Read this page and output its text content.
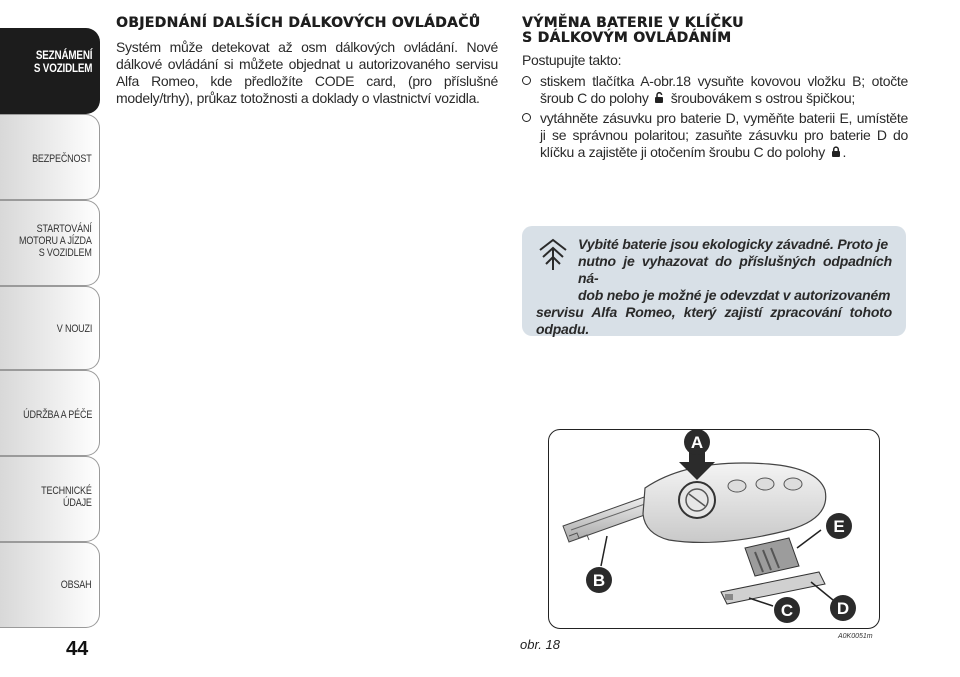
SEZNÁMENÍ
S VOZIDLEM
BEZPEČNOST
STARTOVÁNÍ
MOTORU A JÍZDA
S VOZIDLEM
V NOUZI
ÚDRŽBA A PÉČE
TECHNICKÉ
ÚDAJE
OBSAH
44
OBJEDNÁNÍ DALŠÍCH DÁLKOVÝCH OVLÁDAČŮ

Systém může detekovat až osm dálkových ovládání. Nové dálkové ovládání si můžete objednat u autorizovaného servisu Alfa Romeo, kde předložíte CODE card, (pro příslušné modely/trhy), průkaz totožnosti a doklady o vlastnictví vozidla.

VÝMĚNA BATERIE V KLÍČKU
S DÁLKOVÝM OVLÁDÁNÍM

Postupujte takto:

stiskem tlačítka A-obr.18 vysuňte kovovou vložku B; otočte šroub C do polohy šroubovákem s ostrou špičkou;
vytáhněte zásuvku pro baterie D, vyměňte baterii E, umístěte ji se správnou polaritou; zasuňte zásuvku pro baterie D do klíčku a zajistěte ji otočením šroubu C do polohy .
Vybité baterie jsou ekologicky závadné. Proto je
nutno je vyhazovat do příslušných odpadních ná-
dob nebo je možné je odevzdat v autorizovaném
servisu Alfa Romeo, který zajistí zpracování tohoto odpadu.
A
B
C	D
E
obr. 18
A0K0051m
